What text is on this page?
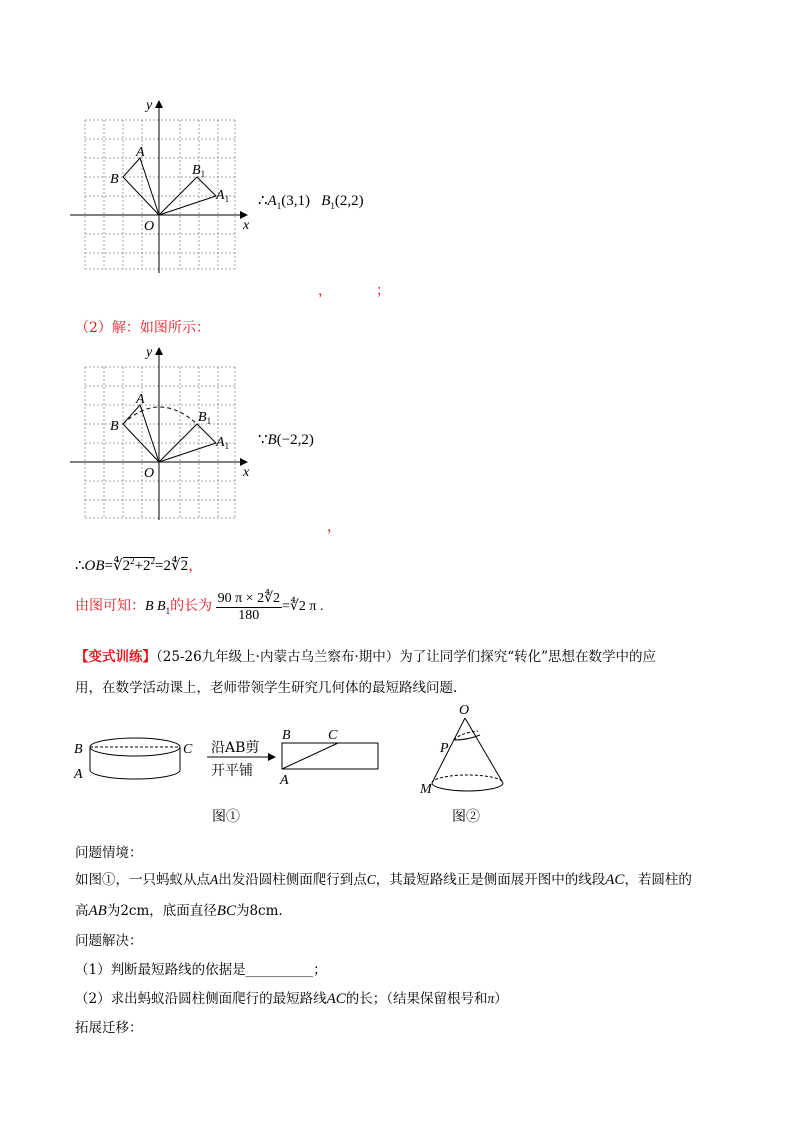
y
x
O
A
B
$B_1$
$A_1$ $\therefore A_1(3,1)$ $B_1(2,2)$
，	；
（2）解：如图所示：
y
x
O
A
B
$B_1$
$A_1$ ∵B(−2,2)
，
$\therefore OB=∜2^2+2^2=2∜2$，
由图可知：B $B_1$的长为 $\frac{90 \pi \times 2∜2}{180}$ =∜2 π .
【变式训练】（25-26九年级上·内蒙古乌兰察布·期中）为了让同学们探究“转化”思想在数学中的应
用，在数学活动课上，老师带领学生研究几何体的最短路线问题.
B	C
A
沿AB剪
开平铺
B	C
A
图①
O
P
M
图②
问题情境：
如图①，一只蚂蚁从点A出发沿圆柱侧面爬行到点C，其最短路线正是侧面展开图中的线段AC，若圆柱的
高AB为2cm，底面直径BC为8cm.
问题解决：
（1）判断最短路线的依据是__________；
（2）求出蚂蚁沿圆柱侧面爬行的最短路线AC的长；（结果保留根号和π）
拓展迁移：
